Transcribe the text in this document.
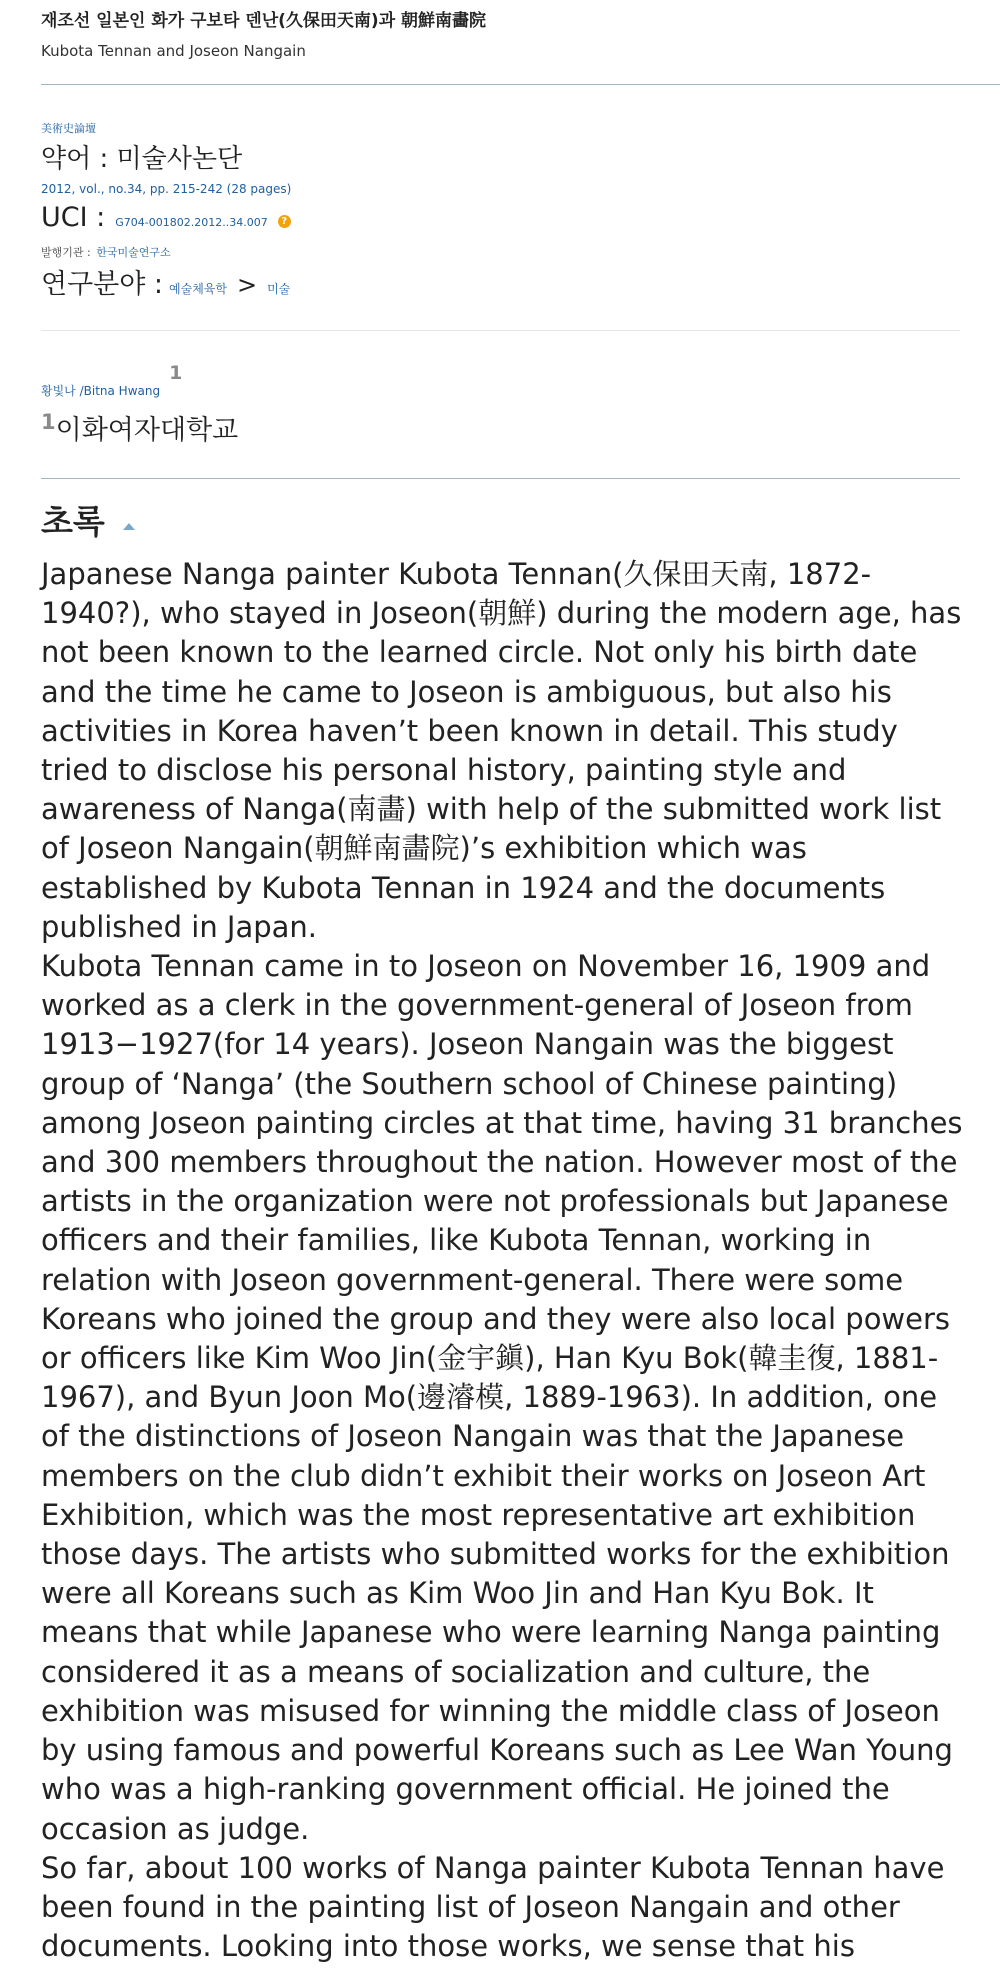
재조선 일본인 화가 구보타 덴난(久保田天南)과 朝鮮南畵院
Kubota Tennan and Joseon Nangain
美術史論壇
약어 : 미술사논단
2012, vol., no.34, pp. 215-242 (28 pages)
UCI : G704-001802.2012..34.007	?
발행기관 : 한국미술연구소
연구분야 : 예술체육학 > 미술
황빛나 /Bitna Hwang
1
1 이화여자대학교
초록

Japanese Nanga painter Kubota Tennan(久保田天南, 1872-1940?), who stayed in Joseon(朝鮮) during the modern age, has not been known to the learned circle. Not only his birth date and the time he came to Joseon is ambiguous, but also his activities in Korea haven’t been known in detail. This study tried to disclose his personal history, painting style and awareness of Nanga(南畵) with help of the submitted work list of Joseon Nangain(朝鮮南畵院)’s exhibition which was established by Kubota Tennan in 1924 and the documents published in Japan.

Kubota Tennan came in to Joseon on November 16, 1909 and worked as a clerk in the government-general of Joseon from 1913−1927(for 14 years). Joseon Nangain was the biggest group of ‘Nanga’ (the Southern school of Chinese painting) among Joseon painting circles at that time, having 31 branches and 300 members throughout the nation. However most of the artists in the organization were not professionals but Japanese officers and their families, like Kubota Tennan, working in relation with Joseon government-general. There were some Koreans who joined the group and they were also local powers or officers like Kim Woo Jin(金宇鎭), Han Kyu Bok(韓圭復, 1881-1967), and Byun Joon Mo(邊濬模, 1889-1963). In addition, one of the distinctions of Joseon Nangain was that the Japanese members on the club didn’t exhibit their works on Joseon Art Exhibition, which was the most representative art exhibition those days. The artists who submitted works for the exhibition were all Koreans such as Kim Woo Jin and Han Kyu Bok. It means that while Japanese who were learning Nanga painting considered it as a means of socialization and culture, the exhibition was misused for winning the middle class of Joseon by using famous and powerful Koreans such as Lee Wan Young who was a high-ranking government official. He joined the occasion as judge.

So far, about 100 works of Nanga painter Kubota Tennan have been found in the painting list of Joseon Nangain and other documents. Looking into those works, we sense that his
